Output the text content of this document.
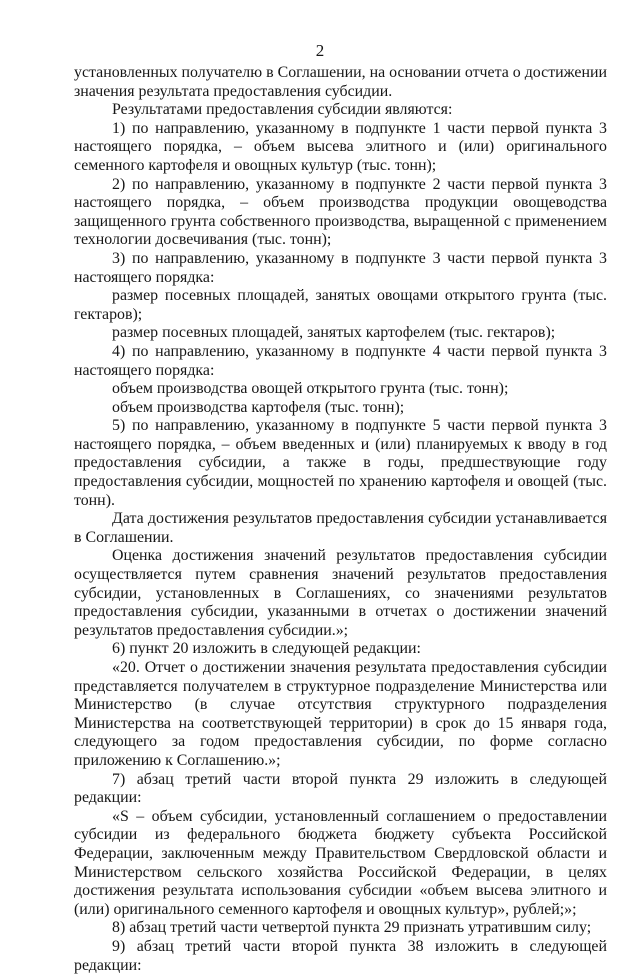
2

установленных получателю в Соглашении, на основании отчета о достижении значения результата предоставления субсидии.

Результатами предоставления субсидии являются:

1) по направлению, указанному в подпункте 1 части первой пункта 3 настоящего порядка, – объем высева элитного и (или) оригинального семенного картофеля и овощных культур (тыс. тонн);

2) по направлению, указанному в подпункте 2 части первой пункта 3 настоящего порядка, – объем производства продукции овощеводства защищенного грунта собственного производства, выращенной с применением технологии досвечивания (тыс. тонн);

3) по направлению, указанному в подпункте 3 части первой пункта 3 настоящего порядка:

размер посевных площадей, занятых овощами открытого грунта (тыс. гектаров);

размер посевных площадей, занятых картофелем (тыс. гектаров);

4) по направлению, указанному в подпункте 4 части первой пункта 3 настоящего порядка:

объем производства овощей открытого грунта (тыс. тонн);

объем производства картофеля (тыс. тонн);

5) по направлению, указанному в подпункте 5 части первой пункта 3 настоящего порядка, – объем введенных и (или) планируемых к вводу в год предоставления субсидии, а также в годы, предшествующие году предоставления субсидии, мощностей по хранению картофеля и овощей (тыс. тонн).

Дата достижения результатов предоставления субсидии устанавливается в Соглашении.

Оценка достижения значений результатов предоставления субсидии осуществляется путем сравнения значений результатов предоставления субсидии, установленных в Соглашениях, со значениями результатов предоставления субсидии, указанными в отчетах о достижении значений результатов предоставления субсидии.»;

6) пункт 20 изложить в следующей редакции:

«20. Отчет о достижении значения результата предоставления субсидии представляется получателем в структурное подразделение Министерства или Министерство (в случае отсутствия структурного подразделения Министерства на соответствующей территории) в срок до 15 января года, следующего за годом предоставления субсидии, по форме согласно приложению к Соглашению.»;

7) абзац третий части второй пункта 29 изложить в следующей редакции:

«S – объем субсидии, установленный соглашением о предоставлении субсидии из федерального бюджета бюджету субъекта Российской Федерации, заключенным между Правительством Свердловской области и Министерством сельского хозяйства Российской Федерации, в целях достижения результата использования субсидии «объем высева элитного и (или) оригинального семенного картофеля и овощных культур», рублей;»;

8) абзац третий части четвертой пункта 29 признать утратившим силу;

9) абзац третий части второй пункта 38 изложить в следующей редакции:
